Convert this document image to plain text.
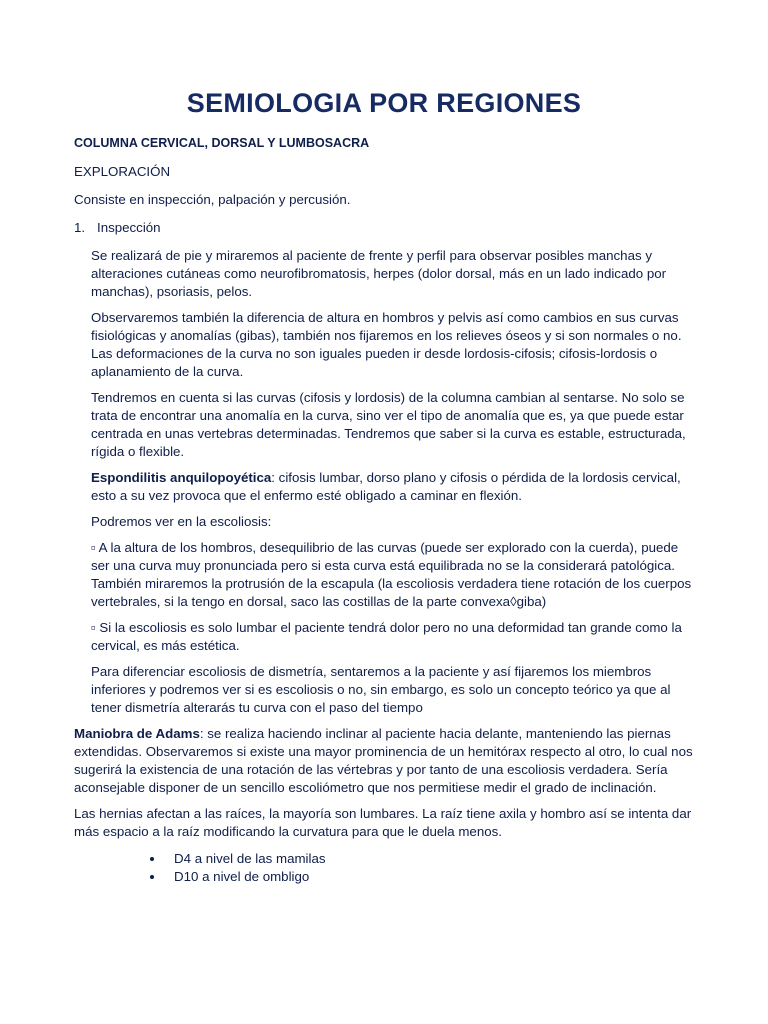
SEMIOLOGIA POR REGIONES

COLUMNA CERVICAL, DORSAL Y LUMBOSACRA

EXPLORACIÓN

Consiste en inspección, palpación y percusión.

1. Inspección

Se realizará de pie y miraremos al paciente de frente y perfil para observar posibles manchas y alteraciones cutáneas como neurofibromatosis, herpes (dolor dorsal, más en un lado indicado por manchas), psoriasis, pelos.

Observaremos también la diferencia de altura en hombros y pelvis así como cambios en sus curvas fisiológicas y anomalías (gibas), también nos fijaremos en los relieves óseos y si son normales o no. Las deformaciones de la curva no son iguales pueden ir desde lordosis-cifosis; cifosis-lordosis o aplanamiento de la curva.

Tendremos en cuenta si las curvas (cifosis y lordosis) de la columna cambian al sentarse. No solo se trata de encontrar una anomalía en la curva, sino ver el tipo de anomalía que es, ya que puede estar centrada en unas vertebras determinadas. Tendremos que saber si la curva es estable, estructurada, rígida o flexible.

Espondilitis anquilopoyética: cifosis lumbar, dorso plano y cifosis o pérdida de la lordosis cervical, esto a su vez provoca que el enfermo esté obligado a caminar en flexión.

Podremos ver en la escoliosis:

▫ A la altura de los hombros, desequilibrio de las curvas (puede ser explorado con la cuerda), puede ser una curva muy pronunciada pero si esta curva está equilibrada no se la considerará patológica. También miraremos la protrusión de la escapula (la escoliosis verdadera tiene rotación de los cuerpos vertebrales, si la tengo en dorsal, saco las costillas de la parte convexa◊giba)

▫ Si la escoliosis es solo lumbar el paciente tendrá dolor pero no una deformidad tan grande como la cervical, es más estética.

Para diferenciar escoliosis de dismetría, sentaremos a la paciente y así fijaremos los miembros inferiores y podremos ver si es escoliosis o no, sin embargo, es solo un concepto teórico ya que al tener dismetría alterarás tu curva con el paso del tiempo

Maniobra de Adams: se realiza haciendo inclinar al paciente hacia delante, manteniendo las piernas extendidas. Observaremos si existe una mayor prominencia de un hemitórax respecto al otro, lo cual nos sugerirá la existencia de una rotación de las vértebras y por tanto de una escoliosis verdadera. Sería aconsejable disponer de un sencillo escoliómetro que nos permitiese medir el grado de inclinación.

Las hernias afectan a las raíces, la mayoría son lumbares. La raíz tiene axila y hombro así se intenta dar más espacio a la raíz modificando la curvatura para que le duela menos.

D4 a nivel de las mamilas
D10 a nivel de ombligo
